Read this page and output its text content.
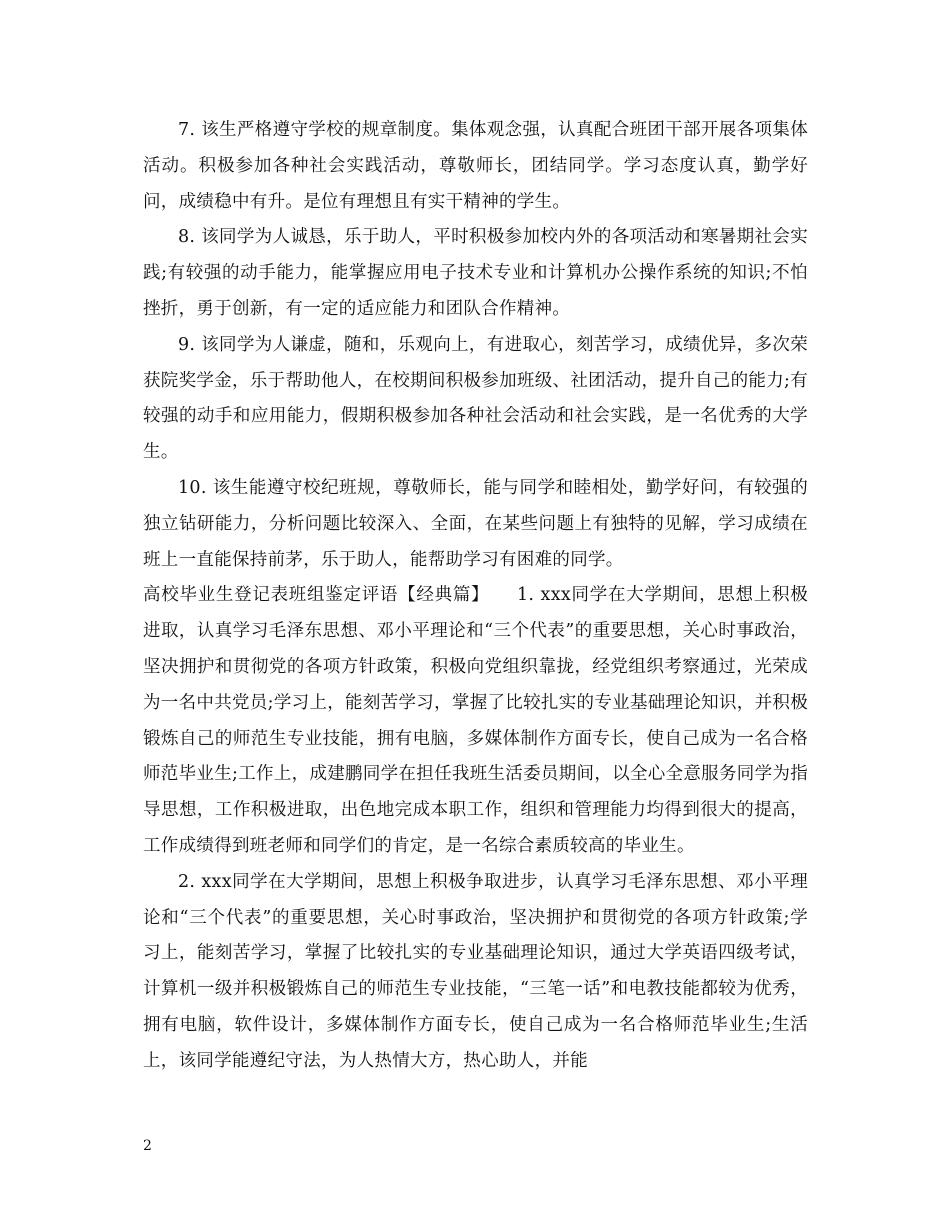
7. 该生严格遵守学校的规章制度。集体观念强，认真配合班团干部开展各项集体活动。积极参加各种社会实践活动，尊敬师长，团结同学。学习态度认真，勤学好问，成绩稳中有升。是位有理想且有实干精神的学生。

8. 该同学为人诚恳，乐于助人，平时积极参加校内外的各项活动和寒暑期社会实践;有较强的动手能力，能掌握应用电子技术专业和计算机办公操作系统的知识;不怕挫折，勇于创新，有一定的适应能力和团队合作精神。

9. 该同学为人谦虚，随和，乐观向上，有进取心，刻苦学习，成绩优异，多次荣获院奖学金，乐于帮助他人，在校期间积极参加班级、社团活动，提升自己的能力;有较强的动手和应用能力，假期积极参加各种社会活动和社会实践，是一名优秀的大学生。

10. 该生能遵守校纪班规，尊敬师长，能与同学和睦相处，勤学好问，有较强的独立钻研能力，分析问题比较深入、全面，在某些问题上有独特的见解，学习成绩在班上一直能保持前茅，乐于助人，能帮助学习有困难的同学。

高校毕业生登记表班组鉴定评语【经典篇】　　1. xxx同学在大学期间，思想上积极进取，认真学习毛泽东思想、邓小平理论和“三个代表”的重要思想，关心时事政治，坚决拥护和贯彻党的各项方针政策，积极向党组织靠拢，经党组织考察通过，光荣成为一名中共党员;学习上，能刻苦学习，掌握了比较扎实的专业基础理论知识，并积极锻炼自己的师范生专业技能，拥有电脑，多媒体制作方面专长，使自己成为一名合格师范毕业生;工作上，成建鹏同学在担任我班生活委员期间，以全心全意服务同学为指导思想，工作积极进取，出色地完成本职工作，组织和管理能力均得到很大的提高，工作成绩得到班老师和同学们的肯定，是一名综合素质较高的毕业生。

2. xxx同学在大学期间，思想上积极争取进步，认真学习毛泽东思想、邓小平理论和“三个代表”的重要思想，关心时事政治，坚决拥护和贯彻党的各项方针政策;学习上，能刻苦学习，掌握了比较扎实的专业基础理论知识，通过大学英语四级考试，计算机一级并积极锻炼自己的师范生专业技能，“三笔一话”和电教技能都较为优秀，拥有电脑，软件设计，多媒体制作方面专长，使自己成为一名合格师范毕业生;生活上，该同学能遵纪守法，为人热情大方，热心助人，并能

2
